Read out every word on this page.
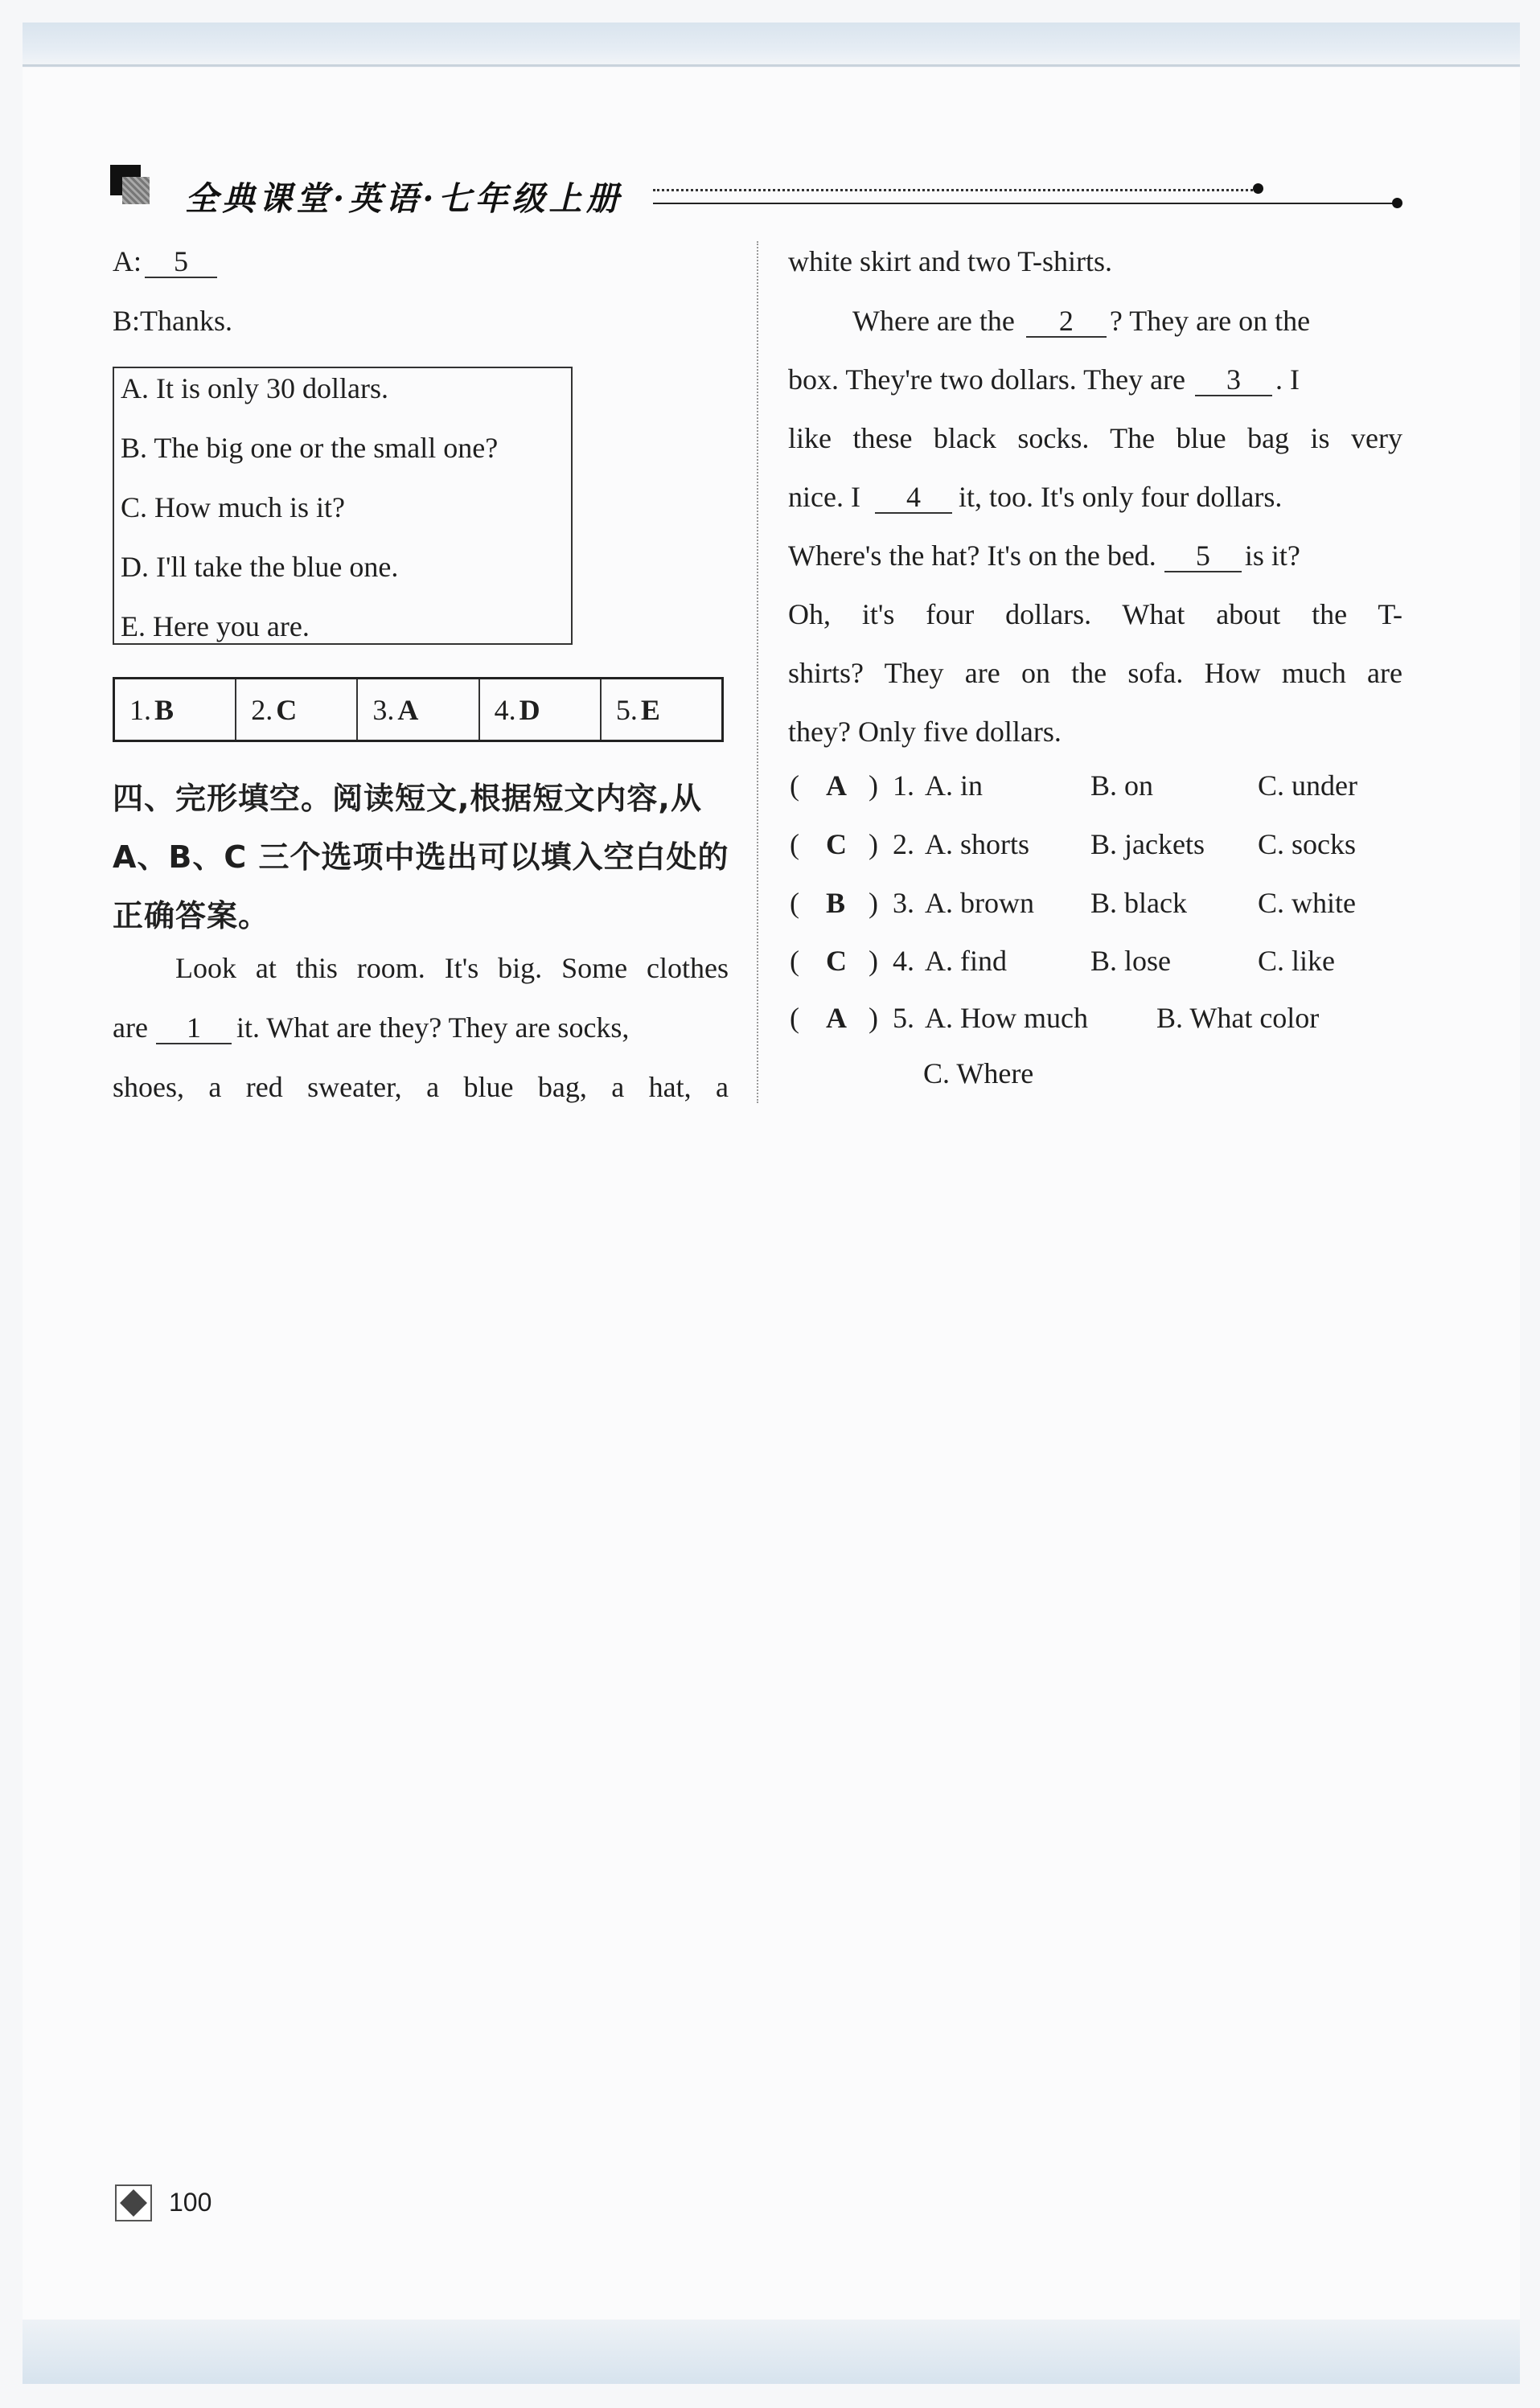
全典课堂·英语·七年级上册
A: 5
B:Thanks.
A. It is only 30 dollars.
B. The big one or the small one?
C. How much is it?
D. I'll take the blue one.
E. Here you are.
1. B	2. C	3. A	4. D	5. E
四、完形填空。阅读短文,根据短文内容,从A、B、C 三个选项中选出可以填入空白处的正确答案。
Look at this room. It's big. Some clothes
are 1 it. What are they? They are socks,
shoes, a red sweater, a blue bag, a hat, a
white skirt and two T-shirts.
Where are the 2 ? They are on the
box. They're two dollars. They are 3 . I
like these black socks. The blue bag is very
nice. I 4 it, too. It's only four dollars.
Where's the hat? It's on the bed. 5 is it?
Oh, it's four dollars. What about the T-
shirts? They are on the sofa. How much are
they? Only five dollars.
( A ) 1. A. in	B. on	C. under
( C ) 2. A. shorts B. jackets C. socks
( B ) 3. A. brown B. black C. white
( C ) 4. A. find	B. lose	C. like
( A ) 5. A. How much B. What color
C. Where
100
